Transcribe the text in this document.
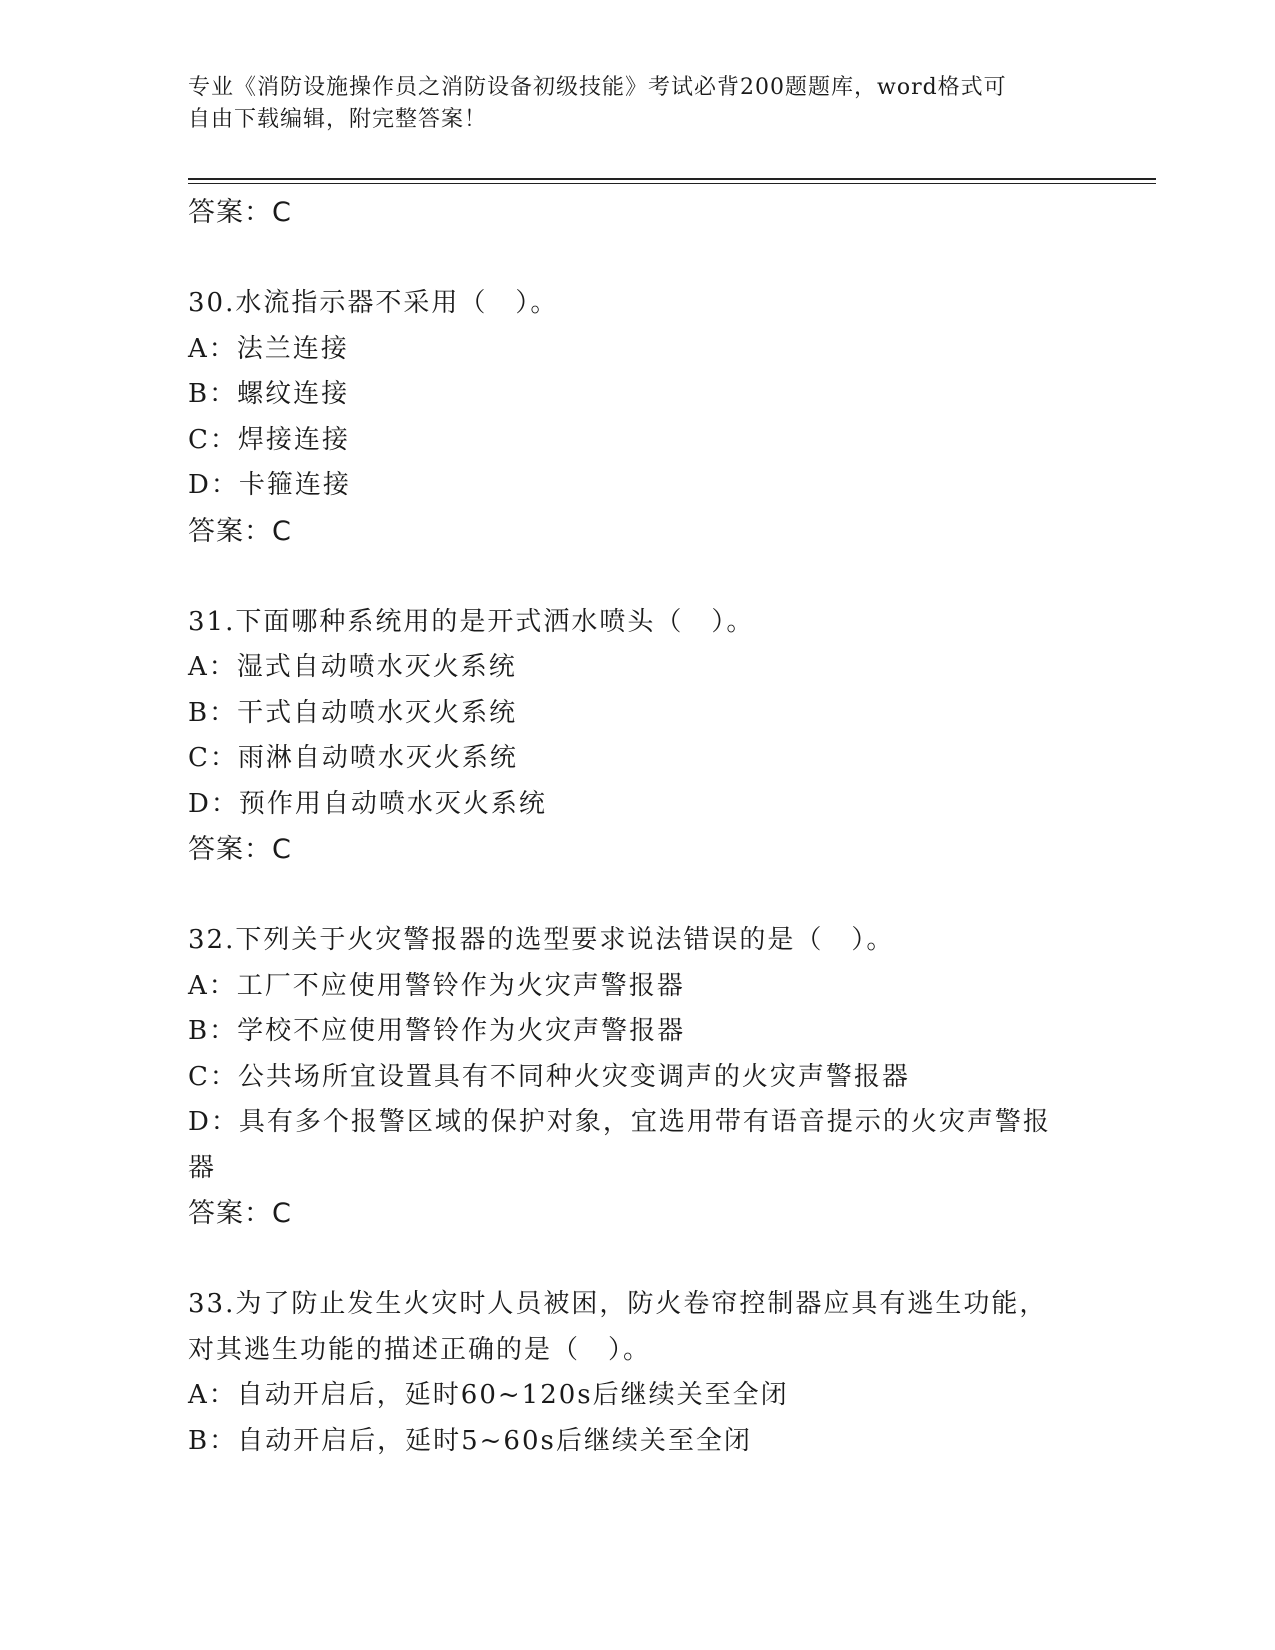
专业《消防设施操作员之消防设备初级技能》考试必背200题题库，word格式可
自由下载编辑，附完整答案！

答案：C

30.水流指示器不采用（　）。

A：法兰连接

B：螺纹连接

C：焊接连接

D：卡箍连接

答案：C

31.下面哪种系统用的是开式洒水喷头（　）。

A：湿式自动喷水灭火系统

B：干式自动喷水灭火系统

C：雨淋自动喷水灭火系统

D：预作用自动喷水灭火系统

答案：C

32.下列关于火灾警报器的选型要求说法错误的是（　）。

A：工厂不应使用警铃作为火灾声警报器

B：学校不应使用警铃作为火灾声警报器

C：公共场所宜设置具有不同种火灾变调声的火灾声警报器

D：具有多个报警区域的保护对象，宜选用带有语音提示的火灾声警报
器

答案：C

33.为了防止发生火灾时人员被困，防火卷帘控制器应具有逃生功能，
对其逃生功能的描述正确的是（　）。

A：自动开启后，延时60~120s后继续关至全闭

B：自动开启后，延时5~60s后继续关至全闭
